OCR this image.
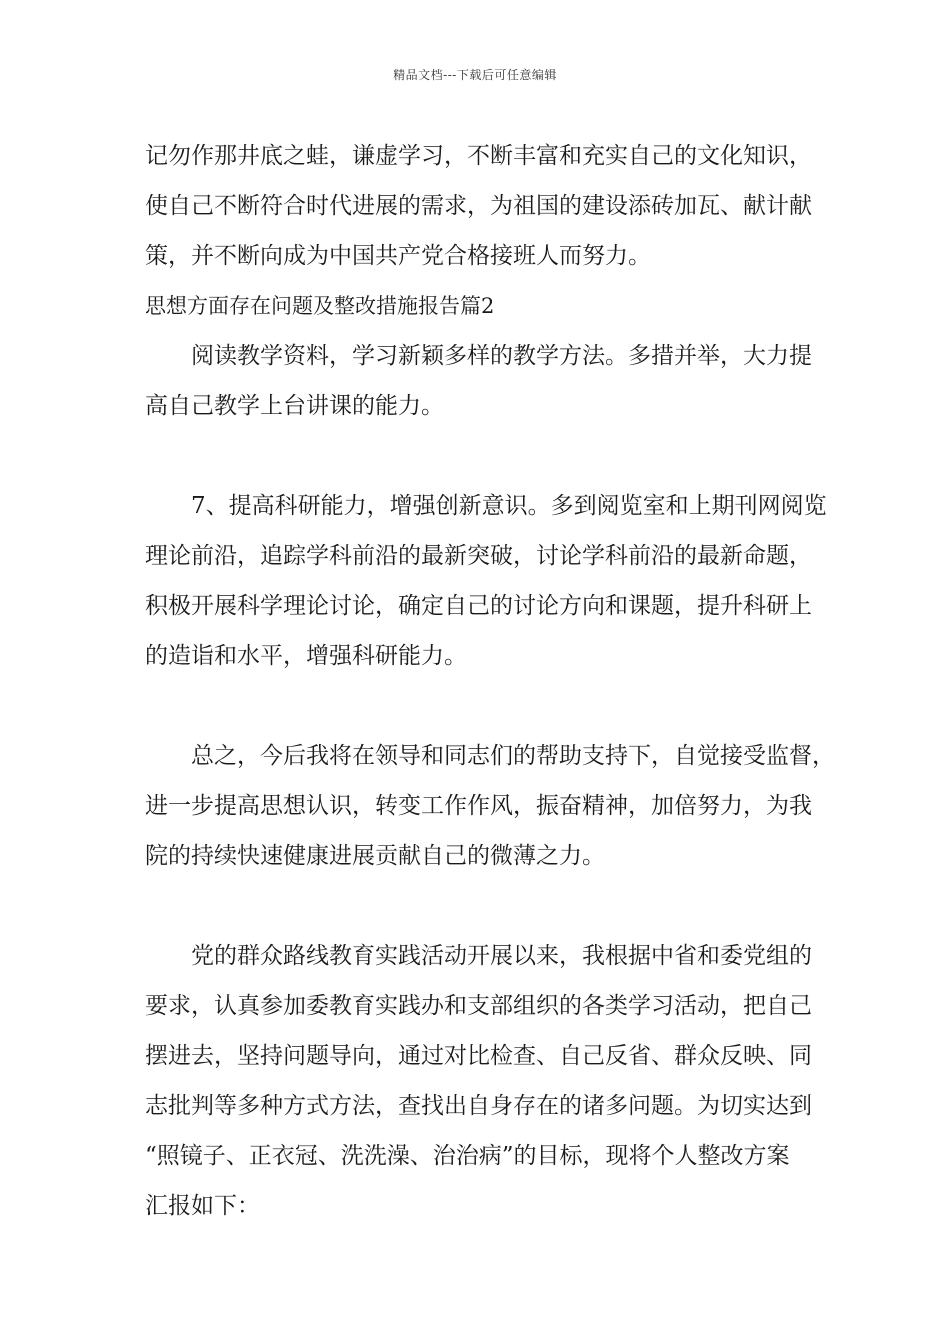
精品文档---下载后可任意编辑
记勿作那井底之蛙，谦虚学习，不断丰富和充实自己的文化知识，
使自己不断符合时代进展的需求，为祖国的建设添砖加瓦、献计献
策，并不断向成为中国共产党合格接班人而努力。
思想方面存在问题及整改措施报告篇2
阅读教学资料，学习新颖多样的教学方法。多措并举，大力提
高自己教学上台讲课的能力。
7、提高科研能力，增强创新意识。多到阅览室和上期刊网阅览
理论前沿，追踪学科前沿的最新突破，讨论学科前沿的最新命题，
积极开展科学理论讨论，确定自己的讨论方向和课题，提升科研上
的造诣和水平，增强科研能力。
总之，今后我将在领导和同志们的帮助支持下，自觉接受监督，
进一步提高思想认识，转变工作作风，振奋精神，加倍努力，为我
院的持续快速健康进展贡献自己的微薄之力。
党的群众路线教育实践活动开展以来，我根据中省和委党组的
要求，认真参加委教育实践办和支部组织的各类学习活动，把自己
摆进去，坚持问题导向，通过对比检查、自己反省、群众反映、同
志批判等多种方式方法，查找出自身存在的诸多问题。为切实达到
“照镜子、正衣冠、洗洗澡、治治病”的目标，现将个人整改方案
汇报如下：
